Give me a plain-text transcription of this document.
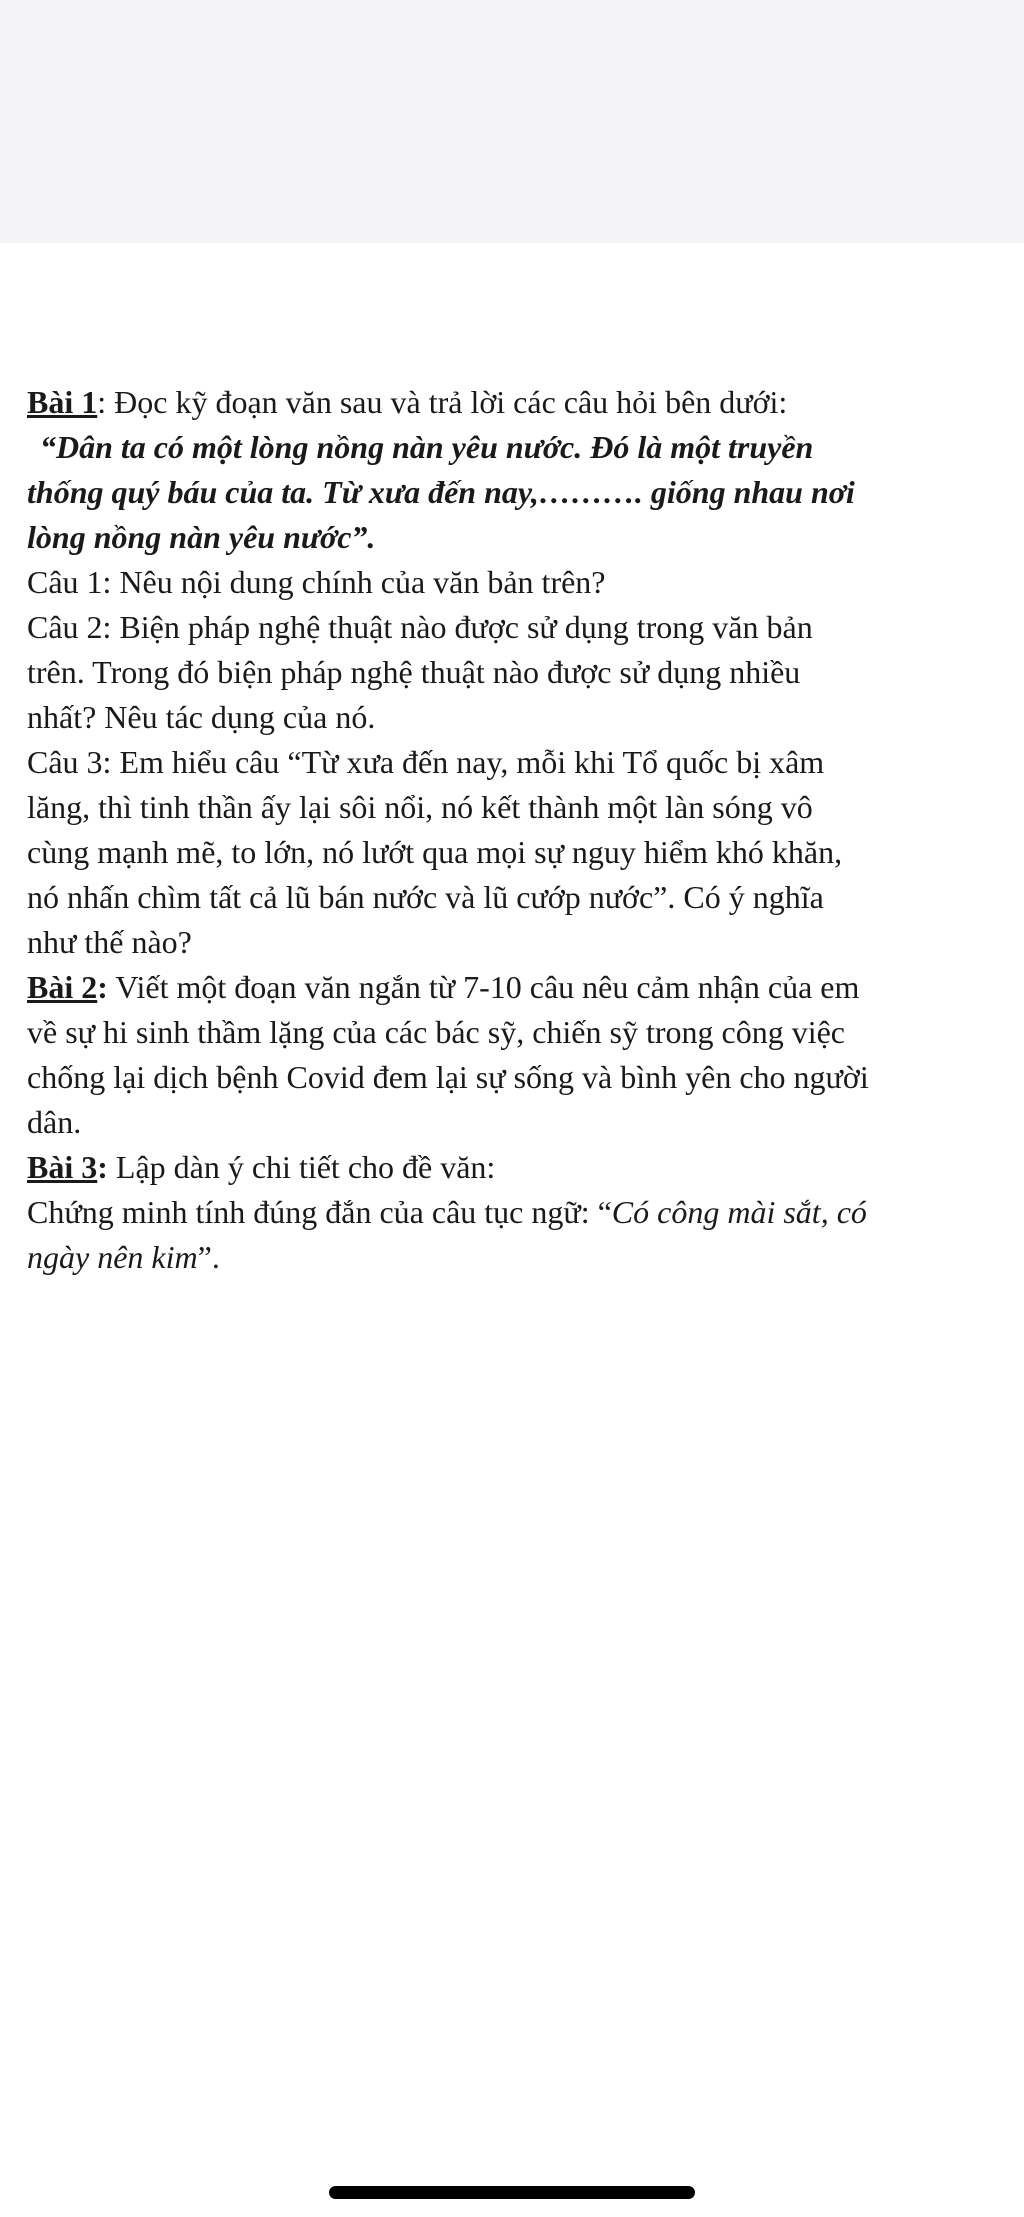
Bài 1: Đọc kỹ đoạn văn sau và trả lời các câu hỏi bên dưới:
“Dân ta có một lòng nồng nàn yêu nước. Đó là một truyền
thống quý báu của ta. Từ xưa đến nay,………. giống nhau nơi
lòng nồng nàn yêu nước”.
Câu 1: Nêu nội dung chính của văn bản trên?
Câu 2: Biện pháp nghệ thuật nào được sử dụng trong văn bản
trên. Trong đó biện pháp nghệ thuật nào được sử dụng nhiều
nhất? Nêu tác dụng của nó.
Câu 3: Em hiểu câu “Từ xưa đến nay, mỗi khi Tổ quốc bị xâm
lăng, thì tinh thần ấy lại sôi nổi, nó kết thành một làn sóng vô
cùng mạnh mẽ, to lớn, nó lướt qua mọi sự nguy hiểm khó khăn,
nó nhấn chìm tất cả lũ bán nước và lũ cướp nước”. Có ý nghĩa
như thế nào?
Bài 2: Viết một đoạn văn ngắn từ 7-10 câu nêu cảm nhận của em
về sự hi sinh thầm lặng của các bác sỹ, chiến sỹ trong công việc
chống lại dịch bệnh Covid đem lại sự sống và bình yên cho người
dân.
Bài 3: Lập dàn ý chi tiết cho đề văn:
Chứng minh tính đúng đắn của câu tục ngữ: “Có công mài sắt, có
ngày nên kim”.
